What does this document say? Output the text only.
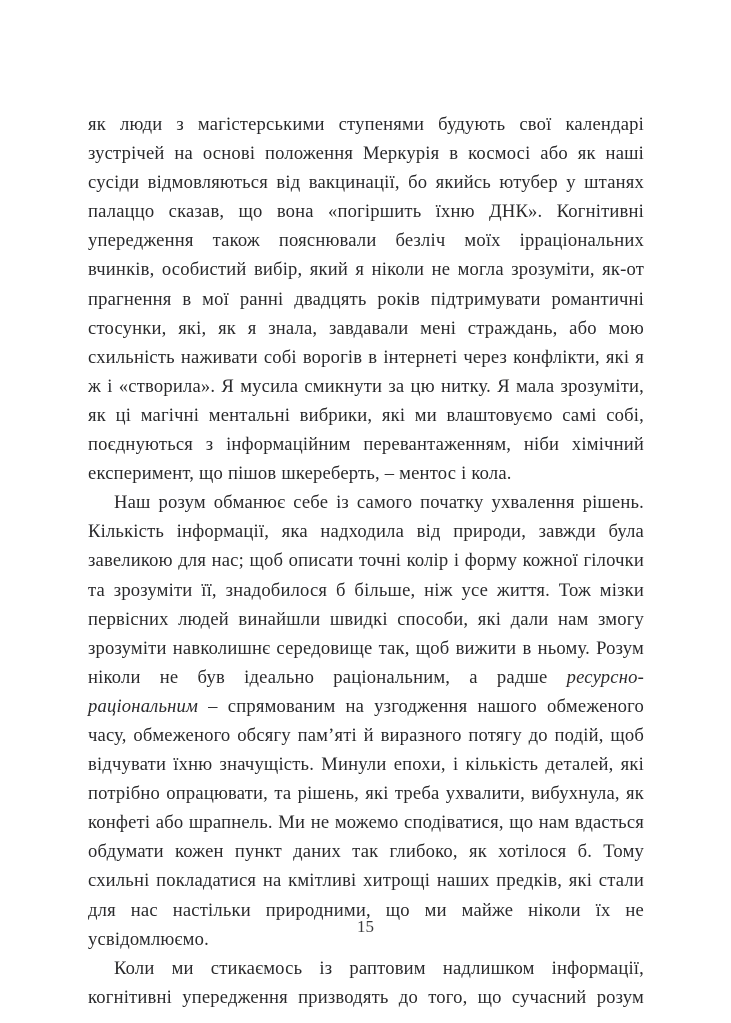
як люди з магістерськими ступенями будують свої календарі зустрічей на основі положення Меркурія в космосі або як наші сусіди відмовляються від вакцинації, бо якийсь ютубер у штанях палаццо сказав, що вона «погіршить їхню ДНК». Когнітивні упередження також пояснювали безліч моїх ірраціональних вчинків, особистий вибір, який я ніколи не могла зрозуміти, як-от прагнення в мої ранні двадцять років підтримувати романтичні стосунки, які, як я знала, завдавали мені страждань, або мою схильність наживати собі ворогів в інтернеті через конфлікти, які я ж і «створила». Я мусила смикнути за цю нитку. Я мала зрозуміти, як ці магічні ментальні вибрики, які ми влаштовуємо самі собі, поєднуються з інформаційним перевантаженням, ніби хімічний експеримент, що пішов шкереберть, – ментос і кола.

Наш розум обманює себе із самого початку ухвалення рішень. Кількість інформації, яка надходила від природи, завжди була завеликою для нас; щоб описати точні колір і форму кожної гілочки та зрозуміти її, знадобилося б більше, ніж усе життя. Тож мізки первісних людей винайшли швидкі способи, які дали нам змогу зрозуміти навколишнє середовище так, щоб вижити в ньому. Розум ніколи не був ідеально раціональним, а радше ресурсно-раціональним – спрямованим на узгодження нашого обмеженого часу, обмеженого обсягу пам’яті й виразного потягу до подій, щоб відчувати їхню значущість. Минули епохи, і кількість деталей, які потрібно опрацювати, та рішень, які треба ухвалити, вибухнула, як конфеті або шрапнель. Ми не можемо сподіватися, що нам вдасться обдумати кожен пункт даних так глибоко, як хотілося б. Тому схильні покладатися на кмітливі хитрощі наших предків, які стали для нас настільки природними, що ми майже ніколи їх не усвідомлюємо.

Коли ми стикаємось із раптовим надлишком інформації, когнітивні упередження призводять до того, що сучасний розум

15
